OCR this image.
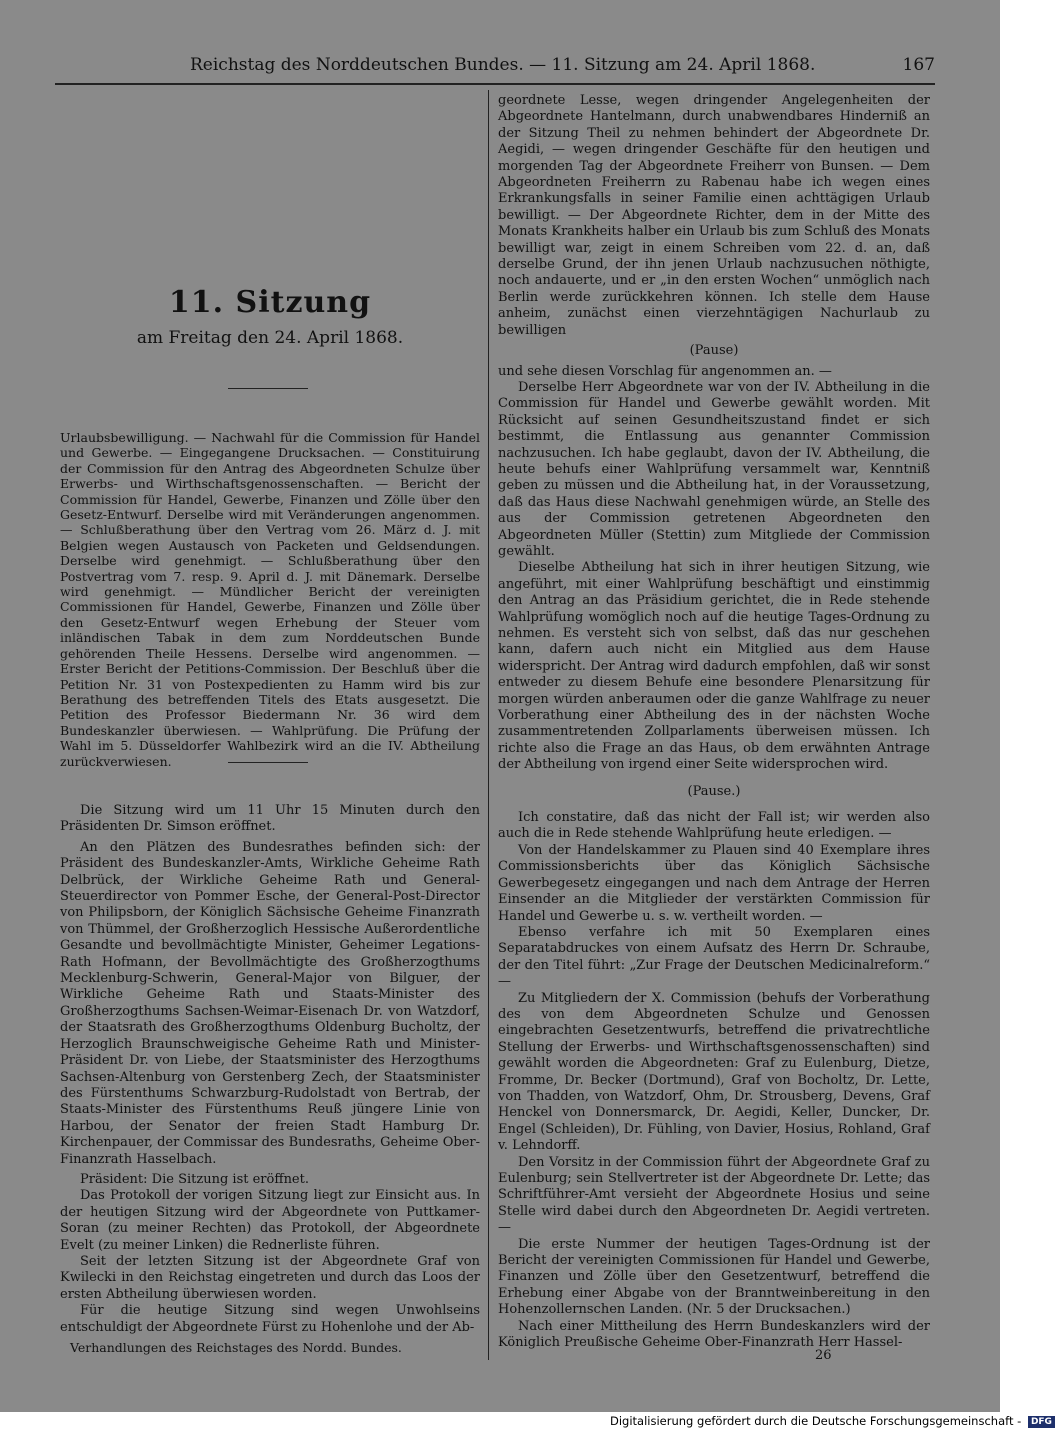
Reichstag des Norddeutschen Bundes. — 11. Sitzung am 24. April 1868.	167
11. Sitzung
am Freitag den 24. April 1868.

Urlaubsbewilligung. — Nachwahl für die Commission für Handel und Gewerbe. — Eingegangene Drucksachen. — Constituirung der Commission für den Antrag des Abgeordneten Schulze über Erwerbs- und Wirthschaftsgenossenschaften. — Bericht der Commission für Handel, Gewerbe, Finanzen und Zölle über den Gesetz-Entwurf. Derselbe wird mit Veränderungen angenommen. — Schlußberathung über den Vertrag vom 26. März d. J. mit Belgien wegen Austausch von Packeten und Geldsendungen. Derselbe wird genehmigt. — Schlußberathung über den Postvertrag vom 7. resp. 9. April d. J. mit Dänemark. Derselbe wird genehmigt. — Mündlicher Bericht der vereinigten Commissionen für Handel, Gewerbe, Finanzen und Zölle über den Gesetz-Entwurf wegen Erhebung der Steuer vom inländischen Tabak in dem zum Norddeutschen Bunde gehörenden Theile Hessens. Derselbe wird angenommen. — Erster Bericht der Petitions-Commission. Der Beschluß über die Petition Nr. 31 von Postexpedienten zu Hamm wird bis zur Berathung des betreffenden Titels des Etats ausgesetzt. Die Petition des Professor Biedermann Nr. 36 wird dem Bundeskanzler überwiesen. — Wahlprüfung. Die Prüfung der Wahl im 5. Düsseldorfer Wahlbezirk wird an die IV. Abtheilung zurückverwiesen.

Die Sitzung wird um 11 Uhr 15 Minuten durch den Präsidenten Dr. Simson eröffnet.

An den Plätzen des Bundesrathes befinden sich: der Präsident des Bundeskanzler-Amts, Wirkliche Geheime Rath Delbrück, der Wirkliche Geheime Rath und General-Steuerdirector von Pommer Esche, der General-Post-Director von Philipsborn, der Königlich Sächsische Geheime Finanzrath von Thümmel, der Großherzoglich Hessische Außerordentliche Gesandte und bevollmächtigte Minister, Geheimer Legations-Rath Hofmann, der Bevollmächtigte des Großherzogthums Mecklenburg-Schwerin, General-Major von Bilguer, der Wirkliche Geheime Rath und Staats-Minister des Großherzogthums Sachsen-Weimar-Eisenach Dr. von Watzdorf, der Staatsrath des Großherzogthums Oldenburg Bucholtz, der Herzoglich Braunschweigische Geheime Rath und Minister-Präsident Dr. von Liebe, der Staatsminister des Herzogthums Sachsen-Altenburg von Gerstenberg Zech, der Staatsminister des Fürstenthums Schwarzburg-Rudolstadt von Bertrab, der Staats-Minister des Fürstenthums Reuß jüngere Linie von Harbou, der Senator der freien Stadt Hamburg Dr. Kirchenpauer, der Commissar des Bundesraths, Geheime Ober-Finanzrath Hasselbach.

Präsident: Die Sitzung ist eröffnet.

Das Protokoll der vorigen Sitzung liegt zur Einsicht aus. In der heutigen Sitzung wird der Abgeordnete von Puttkamer-Soran (zu meiner Rechten) das Protokoll, der Abgeordnete Evelt (zu meiner Linken) die Rednerliste führen.

Seit der letzten Sitzung ist der Abgeordnete Graf von Kwilecki in den Reichstag eingetreten und durch das Loos der ersten Abtheilung überwiesen worden.

Für die heutige Sitzung sind wegen Unwohlseins entschuldigt der Abgeordnete Fürst zu Hohenlohe und der Ab-

geordnete Lesse, wegen dringender Angelegenheiten der Abgeordnete Hantelmann, durch unabwendbares Hinderniß an der Sitzung Theil zu nehmen behindert der Abgeordnete Dr. Aegidi, — wegen dringender Geschäfte für den heutigen und morgenden Tag der Abgeordnete Freiherr von Bunsen. — Dem Abgeordneten Freiherrn zu Rabenau habe ich wegen eines Erkrankungsfalls in seiner Familie einen achttägigen Urlaub bewilligt. — Der Abgeordnete Richter, dem in der Mitte des Monats Krankheits halber ein Urlaub bis zum Schluß des Monats bewilligt war, zeigt in einem Schreiben vom 22. d. an, daß derselbe Grund, der ihn jenen Urlaub nachzusuchen nöthigte, noch andauerte, und er „in den ersten Wochen“ unmöglich nach Berlin werde zurückkehren können. Ich stelle dem Hause anheim, zunächst einen vierzehntägigen Nachurlaub zu bewilligen

(Pause)

und sehe diesen Vorschlag für angenommen an. —

Derselbe Herr Abgeordnete war von der IV. Abtheilung in die Commission für Handel und Gewerbe gewählt worden. Mit Rücksicht auf seinen Gesundheitszustand findet er sich bestimmt, die Entlassung aus genannter Commission nachzusuchen. Ich habe geglaubt, davon der IV. Abtheilung, die heute behufs einer Wahlprüfung versammelt war, Kenntniß geben zu müssen und die Abtheilung hat, in der Voraussetzung, daß das Haus diese Nachwahl genehmigen würde, an Stelle des aus der Commission getretenen Abgeordneten den Abgeordneten Müller (Stettin) zum Mitgliede der Commission gewählt.

Dieselbe Abtheilung hat sich in ihrer heutigen Sitzung, wie angeführt, mit einer Wahlprüfung beschäftigt und einstimmig den Antrag an das Präsidium gerichtet, die in Rede stehende Wahlprüfung womöglich noch auf die heutige Tages-Ordnung zu nehmen. Es versteht sich von selbst, daß das nur geschehen kann, dafern auch nicht ein Mitglied aus dem Hause widerspricht. Der Antrag wird dadurch empfohlen, daß wir sonst entweder zu diesem Behufe eine besondere Plenarsitzung für morgen würden anberaumen oder die ganze Wahlfrage zu neuer Vorberathung einer Abtheilung des in der nächsten Woche zusammentretenden Zollparlaments überweisen müssen. Ich richte also die Frage an das Haus, ob dem erwähnten Antrage der Abtheilung von irgend einer Seite widersprochen wird.

(Pause.)

Ich constatire, daß das nicht der Fall ist; wir werden also auch die in Rede stehende Wahlprüfung heute erledigen. —

Von der Handelskammer zu Plauen sind 40 Exemplare ihres Commissionsberichts über das Königlich Sächsische Gewerbegesetz eingegangen und nach dem Antrage der Herren Einsender an die Mitglieder der verstärkten Commission für Handel und Gewerbe u. s. w. vertheilt worden. —

Ebenso verfahre ich mit 50 Exemplaren eines Separatabdruckes von einem Aufsatz des Herrn Dr. Schraube, der den Titel führt: „Zur Frage der Deutschen Medicinalreform.“ —

Zu Mitgliedern der X. Commission (behufs der Vorberathung des von dem Abgeordneten Schulze und Genossen eingebrachten Gesetzentwurfs, betreffend die privatrechtliche Stellung der Erwerbs- und Wirthschaftsgenossenschaften) sind gewählt worden die Abgeordneten: Graf zu Eulenburg, Dietze, Fromme, Dr. Becker (Dortmund), Graf von Bocholtz, Dr. Lette, von Thadden, von Watzdorf, Ohm, Dr. Strousberg, Devens, Graf Henckel von Donnersmarck, Dr. Aegidi, Keller, Duncker, Dr. Engel (Schleiden), Dr. Fühling, von Davier, Hosius, Rohland, Graf v. Lehndorff.

Den Vorsitz in der Commission führt der Abgeordnete Graf zu Eulenburg; sein Stellvertreter ist der Abgeordnete Dr. Lette; das Schriftführer-Amt versieht der Abgeordnete Hosius und seine Stelle wird dabei durch den Abgeordneten Dr. Aegidi vertreten. —

Die erste Nummer der heutigen Tages-Ordnung ist der Bericht der vereinigten Commissionen für Handel und Gewerbe, Finanzen und Zölle über den Gesetzentwurf, betreffend die Erhebung einer Abgabe von der Branntweinbereitung in den Hohenzollernschen Landen. (Nr. 5 der Drucksachen.)

Nach einer Mittheilung des Herrn Bundeskanzlers wird der Königlich Preußische Geheime Ober-Finanzrath Herr Hassel-

Verhandlungen des Reichstages des Nordd. Bundes.
26
Digitalisierung gefördert durch die Deutsche Forschungsgemeinschaft - DFG
